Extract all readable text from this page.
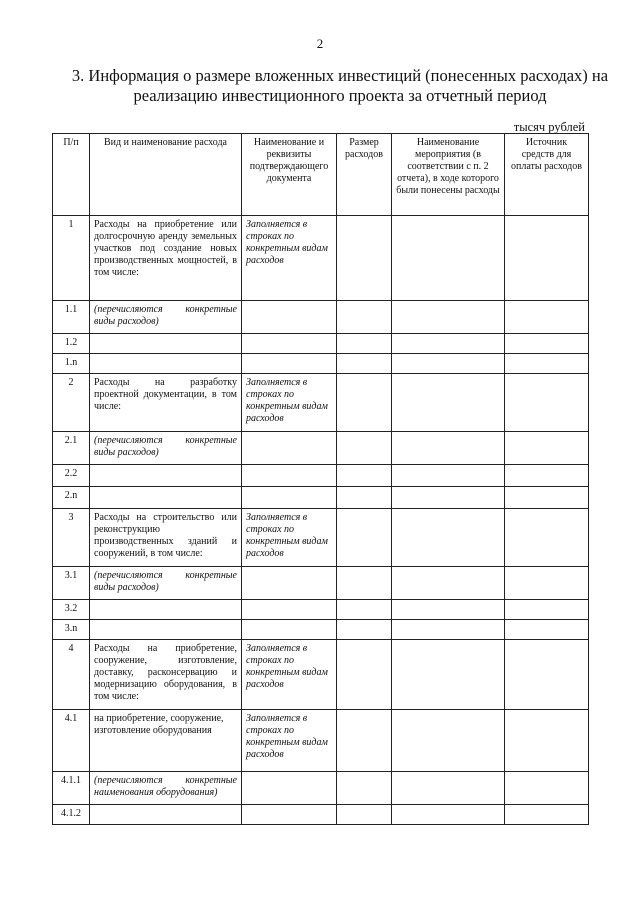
2
3. Информация о размере вложенных инвестиций (понесенных расходах) на
реализацию инвестиционного проекта за отчетный период
тысяч рублей
П/п	Вид и наименование расхода	Наименование и реквизиты подтверждающего документа	Размер расходов	Наименование мероприятия (в соответствии с п. 2 отчета), в ходе которого были понесены расходы	Источник средств для оплаты расходов
1	Расходы на приобретение или долгосрочную аренду земельных участков под создание новых производственных мощностей, в том числе:	Заполняется в строках по конкретным видам расходов			
1.1	(перечисляются конкретные виды расходов)				
1.2					
1.n					
2	Расходы на разработку проектной документации, в том числе:	Заполняется в строках по конкретным видам расходов			
2.1	(перечисляются конкретные виды расходов)				
2.2					
2.n					
3	Расходы на строительство или реконструкцию производственных зданий и сооружений, в том числе:	Заполняется в строках по конкретным видам расходов			
3.1	(перечисляются конкретные виды расходов)				
3.2					
3.n					
4	Расходы на приобретение, сооружение, изготовление, доставку, расконсервацию и модернизацию оборудования, в том числе:	Заполняется в строках по конкретным видам расходов			
4.1	на приобретение, сооружение, изготовление оборудования	Заполняется в строках по конкретным видам расходов			
4.1.1	(перечисляются конкретные наименования оборудования)				
4.1.2					
